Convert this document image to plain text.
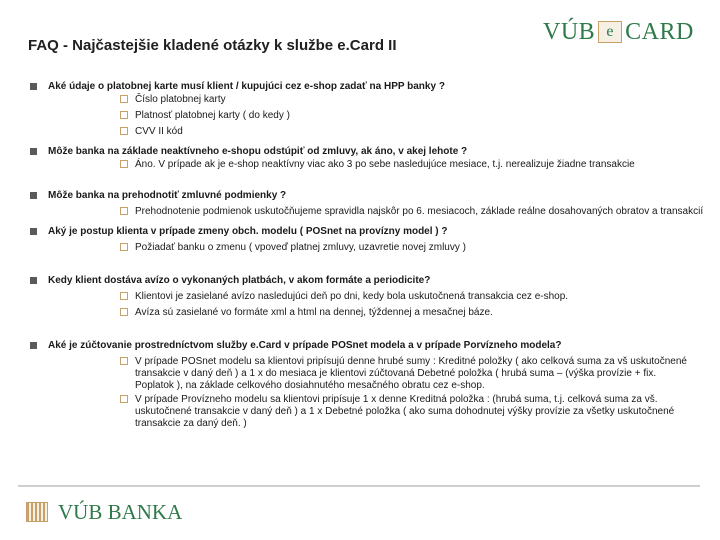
FAQ - Najčastejšie kladené otázky k službe e.Card II
VÚB e CARD
Aké údaje o platobnej karte musí klient / kupujúci cez e-shop zadať na HPP banky ?
Číslo platobnej karty
Platnosť platobnej karty ( do kedy )
CVV II kód
Môže banka na základe neaktívneho e-shopu odstúpiť od zmluvy, ak áno, v akej lehote ?
Áno. V prípade ak je e-shop neaktívny viac ako 3 po sebe nasledujúce mesiace, t.j. nerealizuje žiadne transakcie
Môže banka na prehodnotiť zmluvné podmienky ?
Prehodnotenie podmienok uskutočňujeme spravidla najskôr po 6. mesiacoch, základe reálne dosahovaných obratov a transakcií
Aký je postup klienta v prípade zmeny obch. modelu ( POSnet na provízny model ) ?
Požiadať banku o zmenu ( vpoveď platnej zmluvy, uzavretie novej zmluvy )
Kedy klient dostáva avízo o vykonaných platbách, v akom formáte a periodicite?
Klientovi je zasielané avízo nasledujúci deň po dni, kedy bola uskutočnená transakcia cez e-shop.
Avíza sú zasielané vo formáte xml a html na dennej, týždennej a mesačnej báze.
Aké je zúčtovanie prostredníctvom služby e.Card v prípade POSnet modela a v prípade Porvízneho modela?
V prípade POSnet modelu sa klientovi pripísujú denne hrubé sumy : Kreditné položky ( ako celková suma za vš uskutočnené transakcie v daný deň ) a 1 x do mesiaca je klientovi zúčtovaná Debetné položka ( hrubá suma – (výška provízie + fix. Poplatok ), na základe celkového dosiahnutého mesačného obratu cez e-shop.
V prípade Provízneho modelu sa klientovi pripísuje 1 x denne Kreditná položka : (hrubá suma, t.j. celková suma za vš. uskutočnené transakcie v daný deň ) a 1 x Debetné položka ( ako suma dohodnutej výšky provízie za všetky uskutočnené transakcie za daný deň. )
VÚB BANKA
